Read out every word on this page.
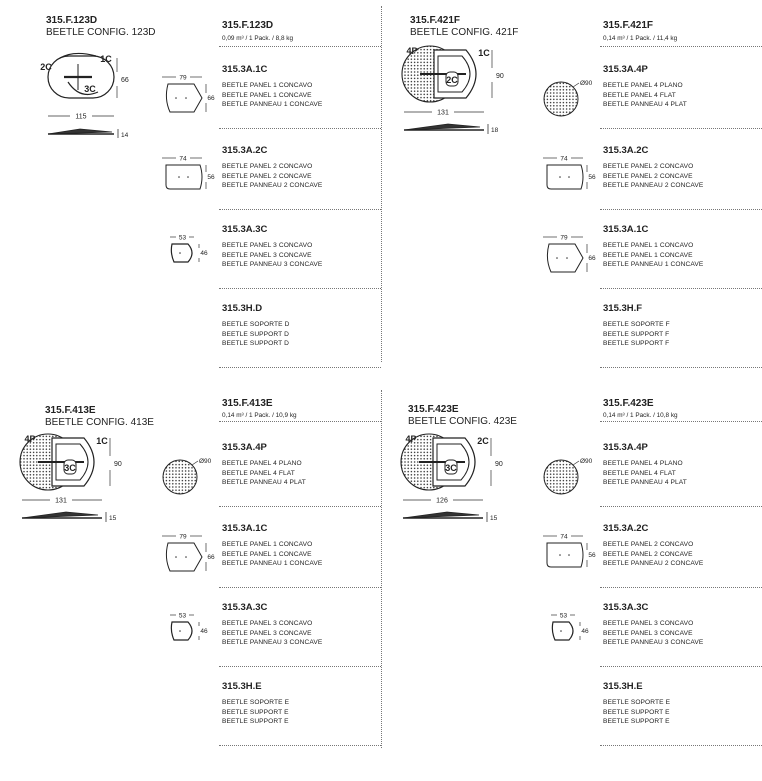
315.F.123D
BEETLE CONFIG. 123D
2C
1C
3C
66
115
14
315.F.123D
0,09 m³ / 1 Pack. / 8,8 kg
315.3A.1C
BEETLE PANEL 1 CONCAVO
BEETLE PANEL 1 CONCAVE
BEETLE PANNEAU 1 CONCAVE
79
66
315.3A.2C
BEETLE PANEL 2 CONCAVO
BEETLE PANEL 2 CONCAVE
BEETLE PANNEAU 2 CONCAVE
74
56
315.3A.3C
BEETLE PANEL 3 CONCAVO
BEETLE PANEL 3 CONCAVE
BEETLE PANNEAU 3 CONCAVE
53
46
315.3H.D
BEETLE SOPORTE D
BEETLE SUPPORT D
BEETLE SUPPORT D
315.F.421F
BEETLE CONFIG. 421F
4P	1C
2C	90
131
18
315.F.421F
0,14 m³ / 1 Pack. / 11,4 kg
315.3A.4P
BEETLE PANEL 4 PLANO
BEETLE PANEL 4 FLAT
BEETLE PANNEAU 4 PLAT
Ø90
315.3A.2C
BEETLE PANEL 2 CONCAVO
BEETLE PANEL 2 CONCAVE
BEETLE PANNEAU 2 CONCAVE
74
56
315.3A.1C
BEETLE PANEL 1 CONCAVO
BEETLE PANEL 1 CONCAVE
BEETLE PANNEAU 1 CONCAVE
79
66
315.3H.F
BEETLE SOPORTE F
BEETLE SUPPORT F
BEETLE SUPPORT F
315.F.413E
BEETLE CONFIG. 413E
4P	1C
3C	90
131
15
315.F.413E
0,14 m³ / 1 Pack. / 10,9 kg
315.3A.4P
BEETLE PANEL 4 PLANO
BEETLE PANEL 4 FLAT
BEETLE PANNEAU 4 PLAT
Ø90
315.3A.1C
BEETLE PANEL 1 CONCAVO
BEETLE PANEL 1 CONCAVE
BEETLE PANNEAU 1 CONCAVE
79
66
315.3A.3C
BEETLE PANEL 3 CONCAVO
BEETLE PANEL 3 CONCAVE
BEETLE PANNEAU 3 CONCAVE
53
46
315.3H.E
BEETLE SOPORTE E
BEETLE SUPPORT E
BEETLE SUPPORT E
315.F.423E
BEETLE CONFIG. 423E
4P	2C
3C	90
126
15
315.F.423E
0,14 m³ / 1 Pack. / 10,8 kg
315.3A.4P
BEETLE PANEL 4 PLANO
BEETLE PANEL 4 FLAT
BEETLE PANNEAU 4 PLAT
Ø90
315.3A.2C
BEETLE PANEL 2 CONCAVO
BEETLE PANEL 2 CONCAVE
BEETLE PANNEAU 2 CONCAVE
74
56
315.3A.3C
BEETLE PANEL 3 CONCAVO
BEETLE PANEL 3 CONCAVE
BEETLE PANNEAU 3 CONCAVE
53
46
315.3H.E
BEETLE SOPORTE E
BEETLE SUPPORT E
BEETLE SUPPORT E
